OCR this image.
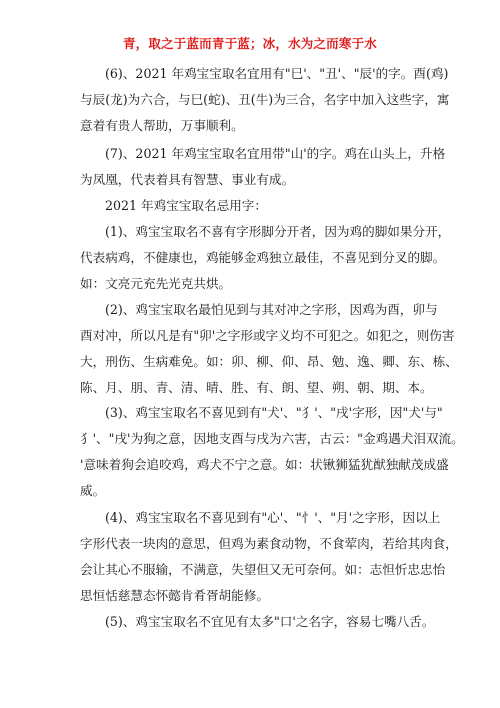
青，取之于蓝而青于蓝；冰，水为之而寒于水

(6)、2021 年鸡宝宝取名宜用有"巳'、"丑'、"辰'的字。酉(鸡)
与辰(龙)为六合，与巳(蛇)、丑(牛)为三合，名字中加入这些字，寓
意着有贵人帮助，万事顺利。

(7)、2021 年鸡宝宝取名宜用带"山'的字。鸡在山头上，升格
为凤凰，代表着具有智慧、事业有成。

2021 年鸡宝宝取名忌用字：

(1)、鸡宝宝取名不喜有字形脚分开者，因为鸡的脚如果分开，
代表病鸡，不健康也，鸡能够金鸡独立最佳，不喜见到分叉的脚。
如：文亮元充先光克共烘。

(2)、鸡宝宝取名最怕见到与其对冲之字形，因鸡为酉，卯与
酉对冲，所以凡是有"卯'之字形或字义均不可犯之。如犯之，则伤害
大，刑伤、生病难免。如：卯、柳、仰、昂、勉、逸、卿、东、栋、
陈、月、朋、青、清、晴、胜、有、朗、望、朔、朝、期、本。

(3)、鸡宝宝取名不喜见到有"犬'、"犭'、"戌'字形，因"犬'与"
犭'、"戌'为狗之意，因地支酉与戌为六害，古云："金鸡遇犬泪双流。
'意味着狗会追咬鸡，鸡犬不宁之意。如：状锹狮猛犹猷独献茂成盛
威。

(4)、鸡宝宝取名不喜见到有"心'、"忄'、"月'之字形，因以上
字形代表一块肉的意思，但鸡为素食动物，不食荤肉，若给其肉食，
会让其心不服输，不满意，失望但又无可奈何。如：志怛忻忠忠怡
思恒恬慈慧态怀懿肯肴胥胡能修。

(5)、鸡宝宝取名不宜见有太多"口'之名字，容易七嘴八舌。
